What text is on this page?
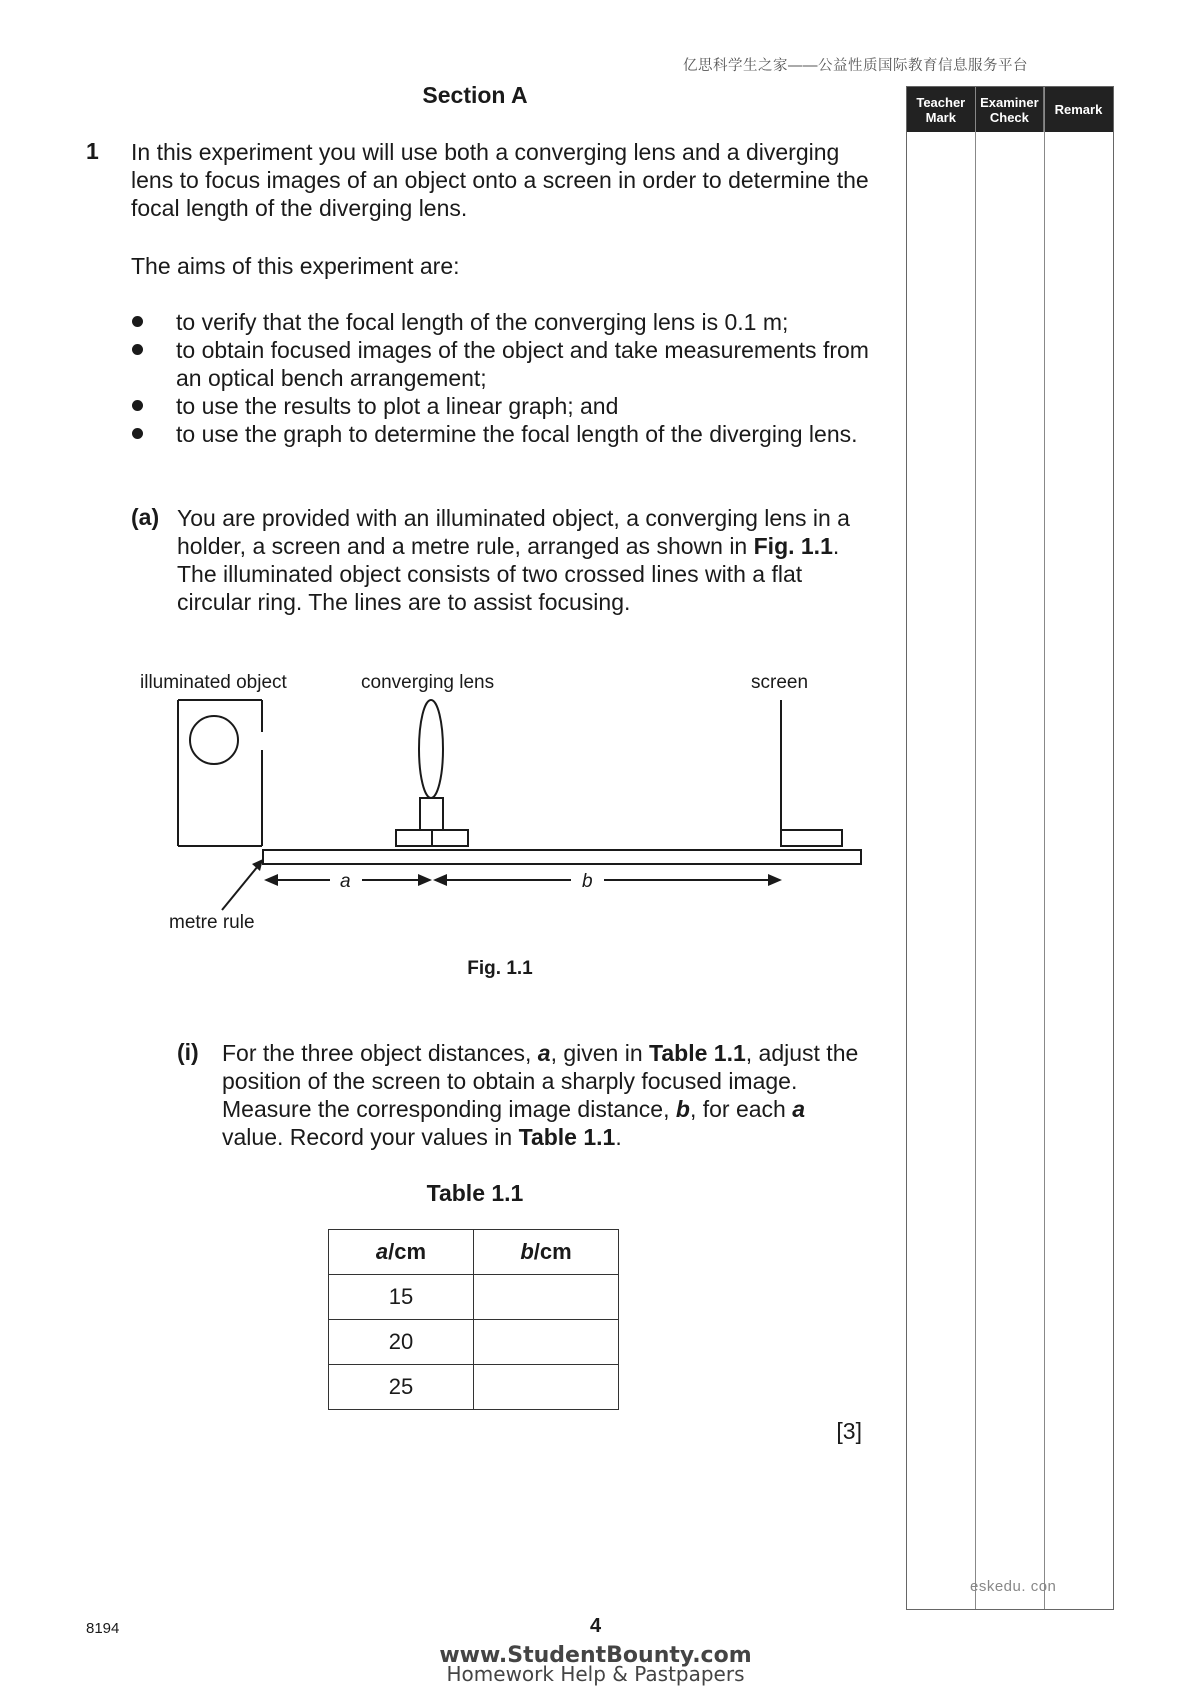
亿思科学生之家——公益性质国际教育信息服务平台
Section A
1 In this experiment you will use both a converging lens and a diverging lens to focus images of an object onto a screen in order to determine the focal length of the diverging lens.
The aims of this experiment are:
to verify that the focal length of the converging lens is 0.1 m;
to obtain focused images of the object and take measurements from an optical bench arrangement;
to use the results to plot a linear graph; and
to use the graph to determine the focal length of the diverging lens.
(a) You are provided with an illuminated object, a converging lens in a holder, a screen and a metre rule, arranged as shown in Fig. 1.1. The illuminated object consists of two crossed lines with a flat circular ring. The lines are to assist focusing.
illuminated object	converging lens	screen
a	b
metre rule
Fig. 1.1
(i) For the three object distances, a, given in Table 1.1, adjust the position of the screen to obtain a sharply focused image. Measure the corresponding image distance, b, for each a value. Record your values in Table 1.1.
Table 1.1
a/cm	b/cm
15	
20	
25	
[3]
Teacher
Mark
Examiner
Check	Remark
eskedu. con
8194	4
www.StudentBounty.com
Homework Help & Pastpapers
